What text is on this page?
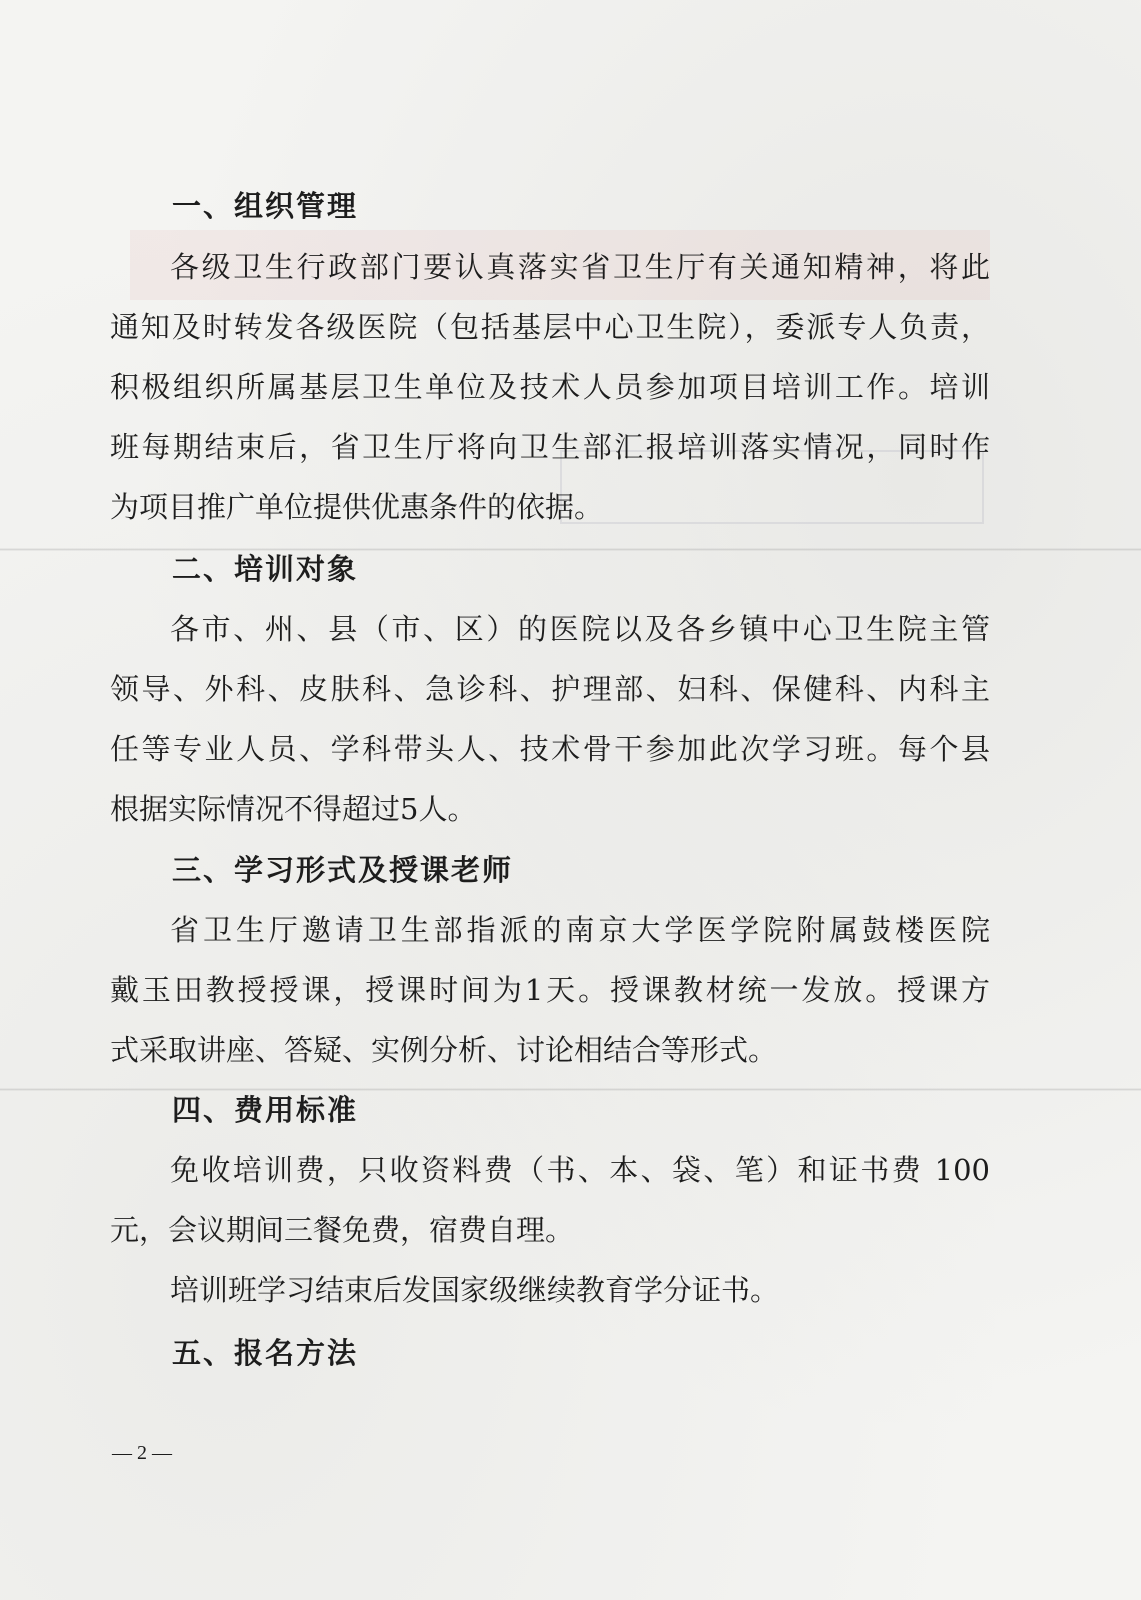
一、组织管理
各级卫生行政部门要认真落实省卫生厅有关通知精神，将此
通知及时转发各级医院（包括基层中心卫生院），委派专人负责，
积极组织所属基层卫生单位及技术人员参加项目培训工作。培训
班每期结束后，省卫生厅将向卫生部汇报培训落实情况，同时作
为项目推广单位提供优惠条件的依据。
二、培训对象
各市、州、县（市、区）的医院以及各乡镇中心卫生院主管
领导、外科、皮肤科、急诊科、护理部、妇科、保健科、内科主
任等专业人员、学科带头人、技术骨干参加此次学习班。每个县
根据实际情况不得超过5人。
三、学习形式及授课老师
省卫生厅邀请卫生部指派的南京大学医学院附属鼓楼医院
戴玉田教授授课，授课时间为1天。授课教材统一发放。授课方
式采取讲座、答疑、实例分析、讨论相结合等形式。
四、费用标准
免收培训费，只收资料费（书、本、袋、笔）和证书费 100
元，会议期间三餐免费，宿费自理。
培训班学习结束后发国家级继续教育学分证书。
五、报名方法
— 2 —
